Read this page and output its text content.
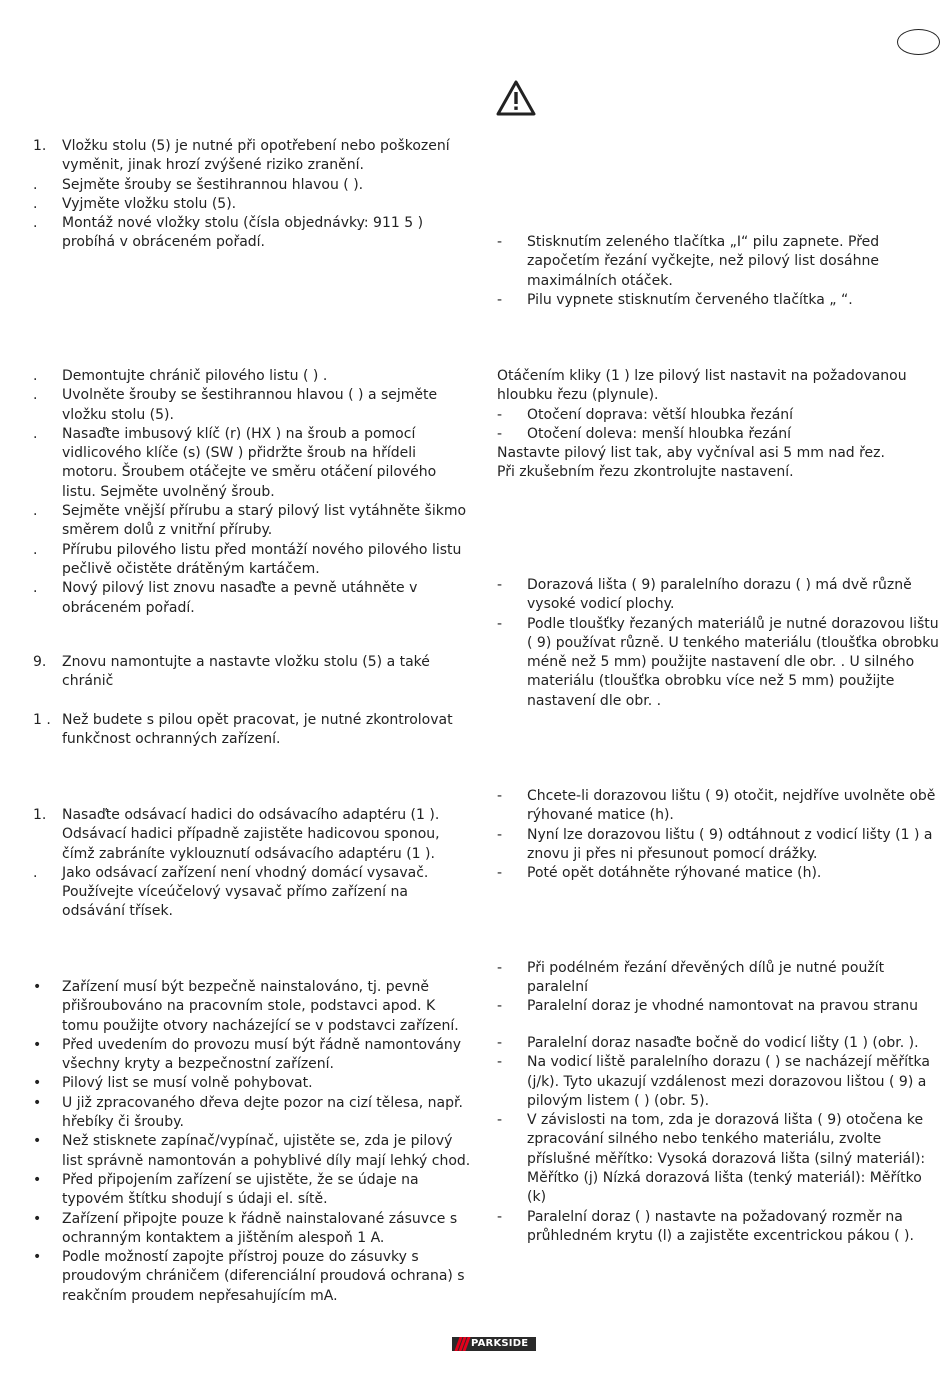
1. Vložku stolu (5) je nutné při opotřebení nebo poškození vyměnit, jinak hrozí zvýšené riziko zranění.
. Sejměte šrouby se šestihrannou hlavou ( ).
. Vyjměte vložku stolu (5).
. Montáž nové vložky stolu (čísla objednávky: 911 5 ) probíhá v obráceném pořadí.
. Demontujte chránič pilového listu ( ) .
. Uvolněte šrouby se šestihrannou hlavou ( ) a sejměte vložku stolu (5).
. Nasaďte imbusový klíč (r) (HX ) na šroub a pomocí vidlicového klíče (s) (SW ) přidržte šroub na hřídeli motoru. Šroubem otáčejte ve směru otáčení pilového listu. Sejměte uvolněný šroub.
. Sejměte vnější přírubu a starý pilový list vytáhněte šikmo směrem dolů z vnitřní příruby.
. Přírubu pilového listu před montáží nového pilového listu pečlivě očistěte drátěným kartáčem.
. Nový pilový list znovu nasaďte a pevně utáhněte v obráceném pořadí.
9. Znovu namontujte a nastavte vložku stolu (5) a také chránič
1 . Než budete s pilou opět pracovat, je nutné zkontrolovat funkčnost ochranných zařízení.
1. Nasaďte odsávací hadici do odsávacího adaptéru (1 ). Odsávací hadici případně zajistěte hadicovou sponou, čímž zabráníte vyklouznutí odsávacího adaptéru (1 ).
. Jako odsávací zařízení není vhodný domácí vysavač. Používejte víceúčelový vysavač přímo zařízení na odsávání třísek.
• Zařízení musí být bezpečně nainstalováno, tj. pevně přišroubováno na pracovním stole, podstavci apod. K tomu použijte otvory nacházející se v podstavci zařízení.
• Před uvedením do provozu musí být řádně namontovány všechny kryty a bezpečnostní zařízení.
• Pilový list se musí volně pohybovat.
• U již zpracovaného dřeva dejte pozor na cizí tělesa, např. hřebíky či šrouby.
• Než stisknete zapínač/vypínač, ujistěte se, zda je pilový list správně namontován a pohyblivé díly mají lehký chod.
• Před připojením zařízení se ujistěte, že se údaje na typovém štítku shodují s údaji el. sítě.
• Zařízení připojte pouze k řádně nainstalované zásuvce s ochranným kontaktem a jištěním alespoň 1 A.
• Podle možností zapojte přístroj pouze do zásuvky s proudovým chráničem (diferenciální proudová ochrana) s reakčním proudem nepřesahujícím mA.
- Stisknutím zeleného tlačítka „I“ pilu zapnete. Před započetím řezání vyčkejte, než pilový list dosáhne maximálních otáček.
- Pilu vypnete stisknutím červeného tlačítka „ “.

Otáčením kliky (1 ) lze pilový list nastavit na požadovanou hloubku řezu (plynule).

- Otočení doprava: větší hloubka řezání
- Otočení doleva: menší hloubka řezání

Nastavte pilový list tak, aby vyčníval asi 5 mm nad řez.

Při zkušebním řezu zkontrolujte nastavení.

- Dorazová lišta ( 9) paralelního dorazu ( ) má dvě různě vysoké vodicí plochy.
- Podle tloušťky řezaných materiálů je nutné dorazovou lištu ( 9) používat různě. U tenkého materiálu (tloušťka obrobku méně než 5 mm) použijte nastavení dle obr. . U silného materiálu (tloušťka obrobku více než 5 mm) použijte nastavení dle obr. .
- Chcete-li dorazovou lištu ( 9) otočit, nejdříve uvolněte obě rýhované matice (h).
- Nyní lze dorazovou lištu ( 9) odtáhnout z vodicí lišty (1 ) a znovu ji přes ni přesunout pomocí drážky.
- Poté opět dotáhněte rýhované matice (h).
- Při podélném řezání dřevěných dílů je nutné použít paralelní
- Paralelní doraz je vhodné namontovat na pravou stranu
- Paralelní doraz nasaďte bočně do vodicí lišty (1 ) (obr. ).
- Na vodicí liště paralelního dorazu ( ) se nacházejí měřítka (j/k). Tyto ukazují vzdálenost mezi dorazovou lištou ( 9) a pilovým listem ( ) (obr. 5).
- V závislosti na tom, zda je dorazová lišta ( 9) otočena ke zpracování silného nebo tenkého materiálu, zvolte příslušné měřítko: Vysoká dorazová lišta (silný materiál): Měřítko (j) Nízká dorazová lišta (tenký materiál): Měřítko (k)
- Paralelní doraz ( ) nastavte na požadovaný rozměr na průhledném krytu (l) a zajistěte excentrickou pákou ( ).
PARKSIDE
